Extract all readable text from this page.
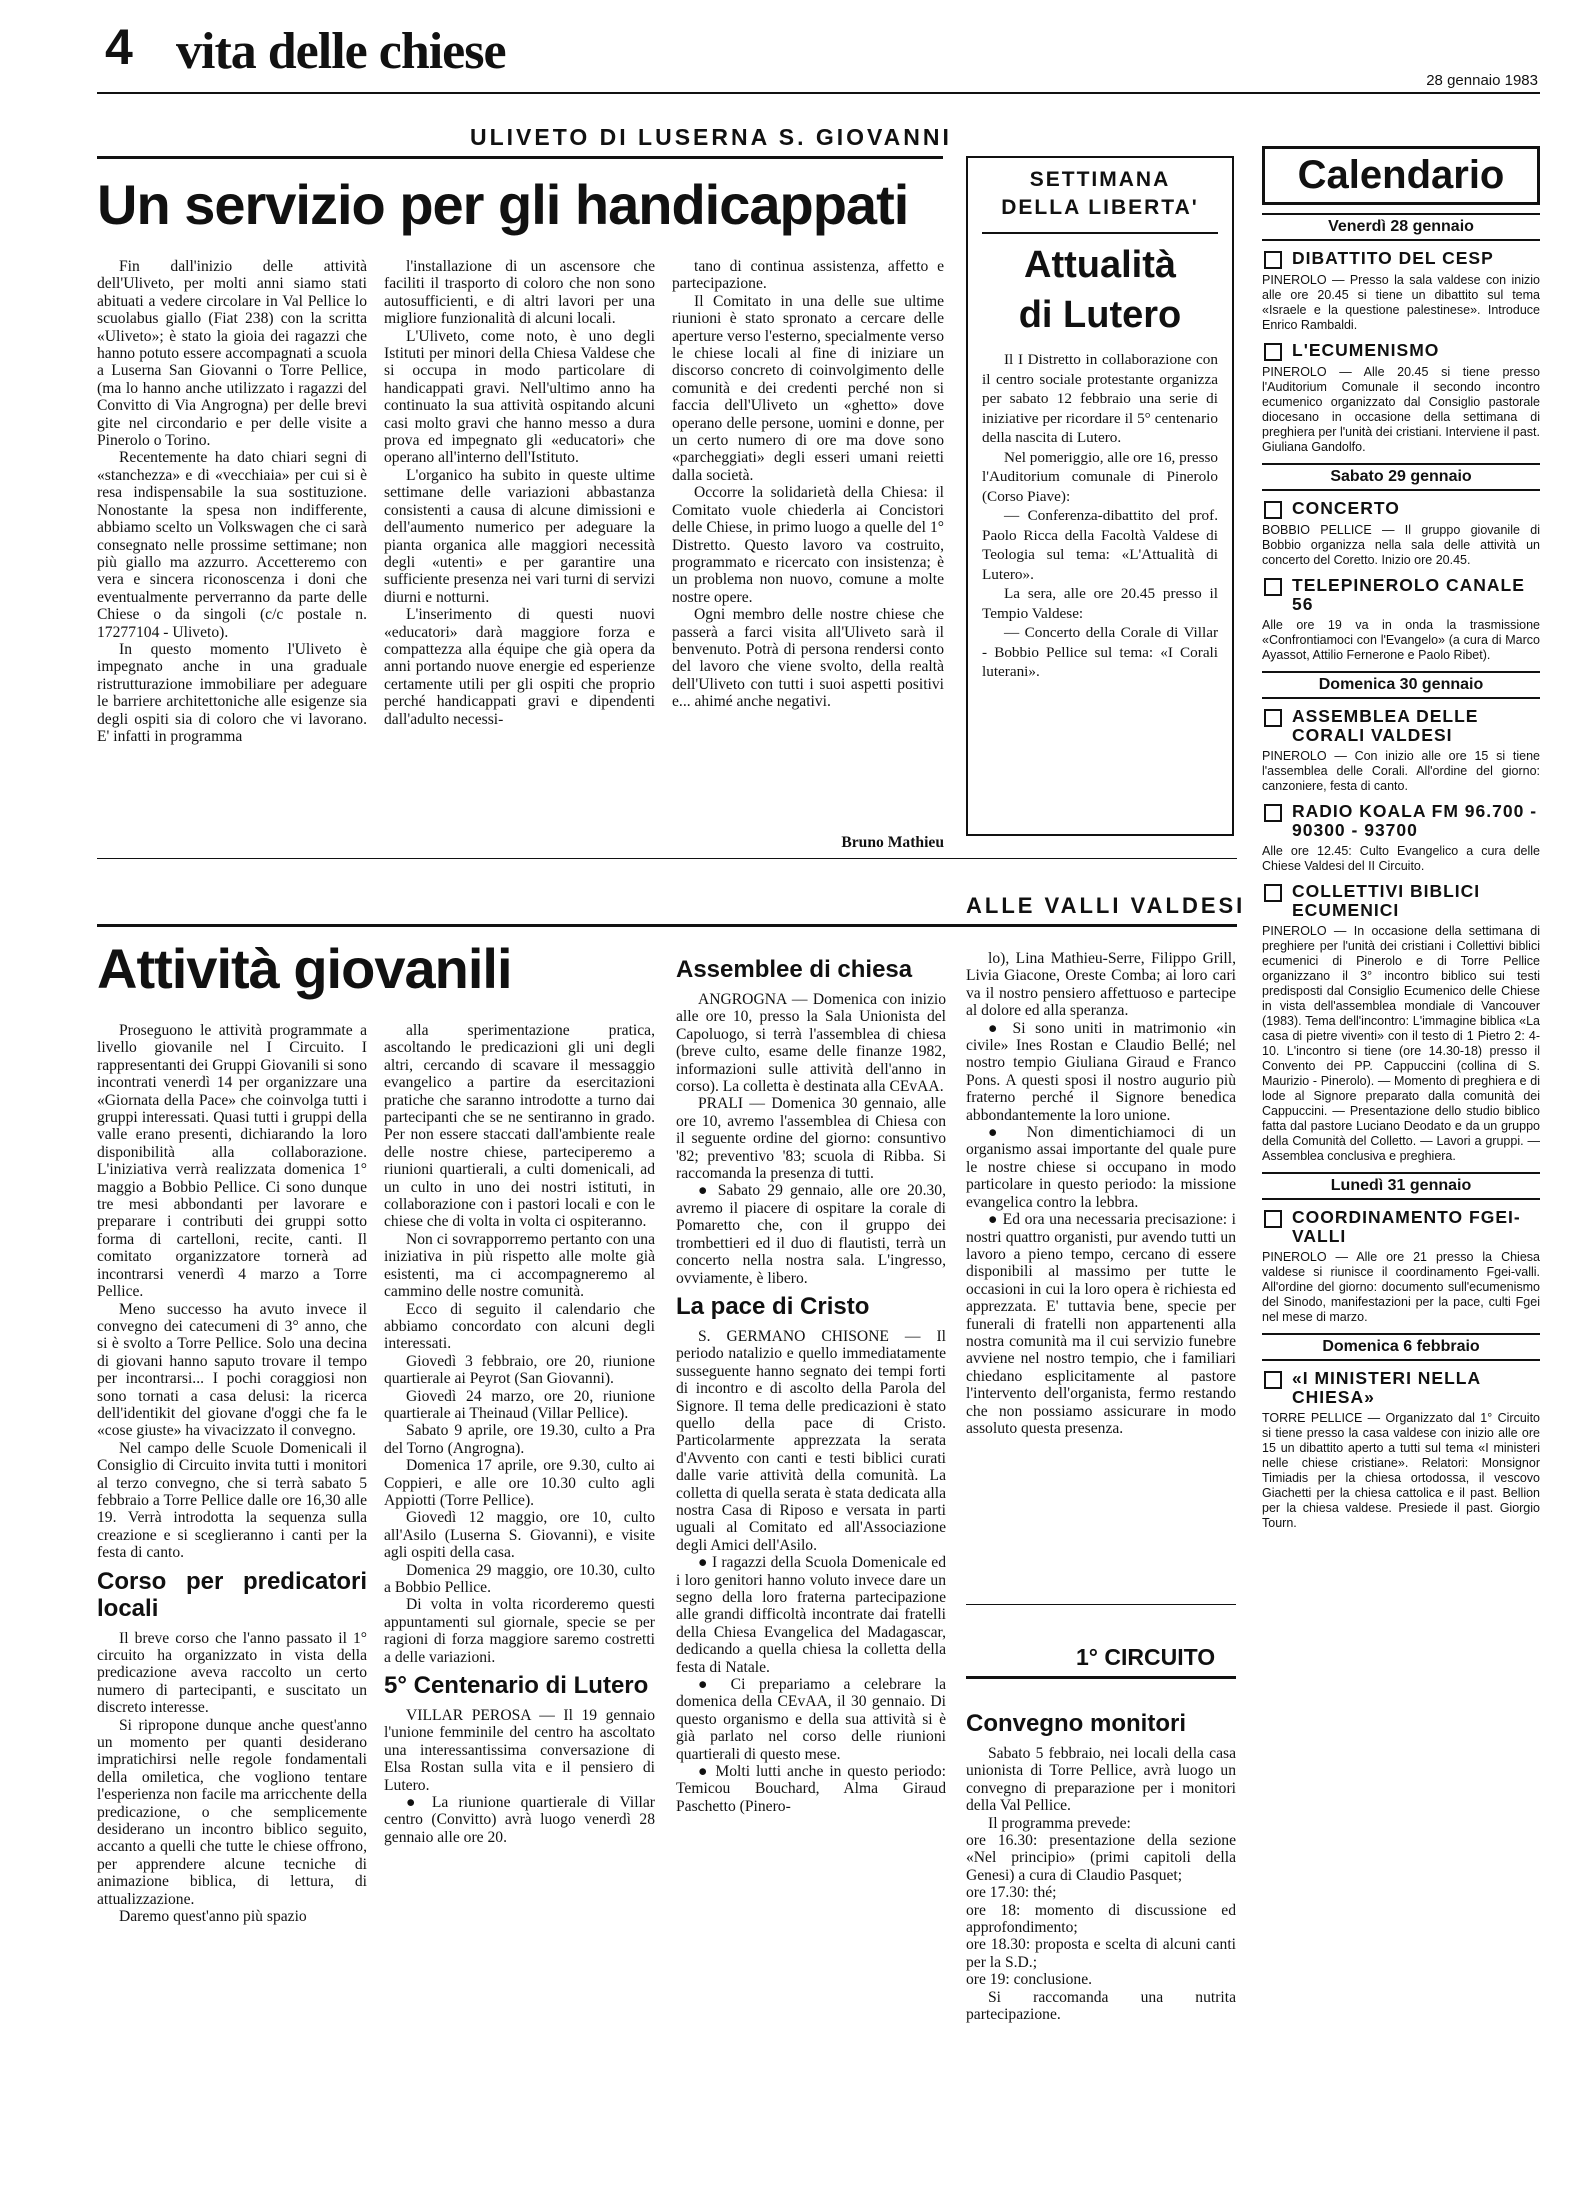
4 vita delle chiese
28 gennaio 1983
ULIVETO DI LUSERNA S. GIOVANNI
Un servizio per gli handicappati

Fin dall'inizio delle attività dell'Uliveto, per molti anni siamo stati abituati a vedere circolare in Val Pellice lo scuolabus giallo (Fiat 238) con la scritta «Uliveto»; è stato la gioia dei ragazzi che hanno potuto essere accompagnati a scuola a Luserna San Giovanni o Torre Pellice, (ma lo hanno anche utilizzato i ragazzi del Convitto di Via Angrogna) per delle brevi gite nel circondario e per delle visite a Pinerolo o Torino.

Recentemente ha dato chiari segni di «stanchezza» e di «vecchiaia» per cui si è resa indispensabile la sua sostituzione. Nonostante la spesa non indifferente, abbiamo scelto un Volkswagen che ci sarà consegnato nelle prossime settimane; non più giallo ma azzurro. Accetteremo con vera e sincera riconoscenza i doni che eventualmente perverranno da parte delle Chiese o da singoli (c/c postale n. 17277104 - Uliveto).

In questo momento l'Uliveto è impegnato anche in una graduale ristrutturazione immobiliare per adeguare le barriere architettoniche alle esigenze sia degli ospiti sia di coloro che vi lavorano. E' infatti in programma

l'installazione di un ascensore che faciliti il trasporto di coloro che non sono autosufficienti, e di altri lavori per una migliore funzionalità di alcuni locali.

L'Uliveto, come noto, è uno degli Istituti per minori della Chiesa Valdese che si occupa in modo particolare di handicappati gravi. Nell'ultimo anno ha continuato la sua attività ospitando alcuni casi molto gravi che hanno messo a dura prova ed impegnato gli «educatori» che operano all'interno dell'Istituto.

L'organico ha subito in queste ultime settimane delle variazioni abbastanza consistenti a causa di alcune dimissioni e dell'aumento numerico per adeguare la pianta organica alle maggiori necessità degli «utenti» e per garantire una sufficiente presenza nei vari turni di servizi diurni e notturni.

L'inserimento di questi nuovi «educatori» darà maggiore forza e compattezza alla équipe che già opera da anni portando nuove energie ed esperienze certamente utili per gli ospiti che proprio perché handicappati gravi e dipendenti dall'adulto necessi-

tano di continua assistenza, affetto e partecipazione.

Il Comitato in una delle sue ultime riunioni è stato spronato a cercare delle aperture verso l'esterno, specialmente verso le chiese locali al fine di iniziare un discorso concreto di coinvolgimento delle comunità e dei credenti perché non si faccia dell'Uliveto un «ghetto» dove operano delle persone, uomini e donne, per un certo numero di ore ma dove sono «parcheggiati» degli esseri umani reietti dalla società.

Occorre la solidarietà della Chiesa: il Comitato vuole chiederla ai Concistori delle Chiese, in primo luogo a quelle del 1° Distretto. Questo lavoro va costruito, programmato e ricercato con insistenza; è un problema non nuovo, comune a molte nostre opere.

Ogni membro delle nostre chiese che passerà a farci visita all'Uliveto sarà il benvenuto. Potrà di persona rendersi conto del lavoro che viene svolto, della realtà dell'Uliveto con tutti i suoi aspetti positivi e... ahimé anche negativi.

Bruno Mathieu
SETTIMANA DELLA LIBERTA'
Attualità
di Lutero

Il I Distretto in collaborazione con il centro sociale protestante organizza per sabato 12 febbraio una serie di iniziative per ricordare il 5° centenario della nascita di Lutero.

Nel pomeriggio, alle ore 16, presso l'Auditorium comunale di Pinerolo (Corso Piave):

— Conferenza-dibattito del prof. Paolo Ricca della Facoltà Valdese di Teologia sul tema: «L'Attualità di Lutero».

La sera, alle ore 20.45 presso il Tempio Valdese:

— Concerto della Corale di Villar - Bobbio Pellice sul tema: «I Corali luterani».

Calendario
Venerdì 28 gennaio
DIBATTITO DEL CESP
PINEROLO — Presso la sala valdese con inizio alle ore 20.45 si tiene un dibattito sul tema «Israele e la questione palestinese». Introduce Enrico Rambaldi.
L'ECUMENISMO
PINEROLO — Alle 20.45 si tiene presso l'Auditorium Comunale il secondo incontro ecumenico organizzato dal Consiglio pastorale diocesano in occasione della settimana di preghiera per l'unità dei cristiani. Interviene il past. Giuliana Gandolfo.
Sabato 29 gennaio
CONCERTO
BOBBIO PELLICE — Il gruppo giovanile di Bobbio organizza nella sala delle attività un concerto del Coretto. Inizio ore 20.45.
TELEPINEROLO CANALE 56
Alle ore 19 va in onda la trasmissione «Confrontiamoci con l'Evangelo» (a cura di Marco Ayassot, Attilio Fernerone e Paolo Ribet).
Domenica 30 gennaio
ASSEMBLEA DELLE CORALI VALDESI
PINEROLO — Con inizio alle ore 15 si tiene l'assemblea delle Corali. All'ordine del giorno: canzoniere, festa di canto.
RADIO KOALA FM 96.700 - 90300 - 93700
Alle ore 12.45: Culto Evangelico a cura delle Chiese Valdesi del II Circuito.
COLLETTIVI BIBLICI ECUMENICI
PINEROLO — In occasione della settimana di preghiere per l'unità dei cristiani i Collettivi biblici ecumenici di Pinerolo e di Torre Pellice organizzano il 3° incontro biblico sui testi predisposti dal Consiglio Ecumenico delle Chiese in vista dell'assemblea mondiale di Vancouver (1983). Tema dell'incontro: L'immagine biblica «La casa di pietre viventi» con il testo di 1 Pietro 2: 4-10. L'incontro si tiene (ore 14.30-18) presso il Convento dei PP. Cappuccini (collina di S. Maurizio - Pinerolo). — Momento di preghiera e di lode al Signore preparato dalla comunità dei Cappuccini. — Presentazione dello studio biblico fatta dal pastore Luciano Deodato e da un gruppo della Comunità del Colletto. — Lavori a gruppi. — Assemblea conclusiva e preghiera.
Lunedì 31 gennaio
COORDINAMENTO FGEI-VALLI
PINEROLO — Alle ore 21 presso la Chiesa valdese si riunisce il coordinamento Fgei-valli. All'ordine del giorno: documento sull'ecumenismo del Sinodo, manifestazioni per la pace, culti Fgei nel mese di marzo.
Domenica 6 febbraio
«I MINISTERI NELLA CHIESA»
TORRE PELLICE — Organizzato dal 1° Circuito si tiene presso la casa valdese con inizio alle ore 15 un dibattito aperto a tutti sul tema «I ministeri nelle chiese cristiane». Relatori: Monsignor Timiadis per la chiesa ortodossa, il vescovo Giachetti per la chiesa cattolica e il past. Bellion per la chiesa valdese. Presiede il past. Giorgio Tourn.
ALLE VALLI VALDESI
Attività giovanili

Proseguono le attività programmate a livello giovanile nel I Circuito. I rappresentanti dei Gruppi Giovanili si sono incontrati venerdì 14 per organizzare una «Giornata della Pace» che coinvolga tutti i gruppi interessati. Quasi tutti i gruppi della valle erano presenti, dichiarando la loro disponibilità alla collaborazione. L'iniziativa verrà realizzata domenica 1° maggio a Bobbio Pellice. Ci sono dunque tre mesi abbondanti per lavorare e preparare i contributi dei gruppi sotto forma di cartelloni, recite, canti. Il comitato organizzatore tornerà ad incontrarsi venerdì 4 marzo a Torre Pellice.

Meno successo ha avuto invece il convegno dei catecumeni di 3° anno, che si è svolto a Torre Pellice. Solo una decina di giovani hanno saputo trovare il tempo per incontrarsi... I pochi coraggiosi non sono tornati a casa delusi: la ricerca dell'identikit del giovane d'oggi che fa le «cose giuste» ha vivacizzato il convegno.

Nel campo delle Scuole Domenicali il Consiglio di Circuito invita tutti i monitori al terzo convegno, che si terrà sabato 5 febbraio a Torre Pellice dalle ore 16,30 alle 19. Verrà introdotta la sequenza sulla creazione e si sceglieranno i canti per la festa di canto.

Corso per predicatori locali

Il breve corso che l'anno passato il 1° circuito ha organizzato in vista della predicazione aveva raccolto un certo numero di partecipanti, e suscitato un discreto interesse.

Si ripropone dunque anche quest'anno un momento per quanti desiderano impratichirsi nelle regole fondamentali della omiletica, che vogliono tentare l'esperienza non facile ma arricchente della predicazione, o che semplicemente desiderano un incontro biblico seguito, accanto a quelli che tutte le chiese offrono, per apprendere alcune tecniche di animazione biblica, di lettura, di attualizzazione.

Daremo quest'anno più spazio

alla sperimentazione pratica, ascoltando le predicazioni gli uni degli altri, cercando di scavare il messaggio evangelico a partire da esercitazioni pratiche che saranno introdotte a turno dai partecipanti che se ne sentiranno in grado. Per non essere staccati dall'ambiente reale delle nostre chiese, parteciperemo a riunioni quartierali, a culti domenicali, ad un culto in uno dei nostri istituti, in collaborazione con i pastori locali e con le chiese che di volta in volta ci ospiteranno.

Non ci sovrapporremo pertanto con una iniziativa in più rispetto alle molte già esistenti, ma ci accompagneremo al cammino delle nostre comunità.

Ecco di seguito il calendario che abbiamo concordato con alcuni degli interessati.

Giovedì 3 febbraio, ore 20, riunione quartierale ai Peyrot (San Giovanni).

Giovedì 24 marzo, ore 20, riunione quartierale ai Theinaud (Villar Pellice).

Sabato 9 aprile, ore 19.30, culto a Pra del Torno (Angrogna).

Domenica 17 aprile, ore 9.30, culto ai Coppieri, e alle ore 10.30 culto agli Appiotti (Torre Pellice).

Giovedì 12 maggio, ore 10, culto all'Asilo (Luserna S. Giovanni), e visite agli ospiti della casa.

Domenica 29 maggio, ore 10.30, culto a Bobbio Pellice.

Di volta in volta ricorderemo questi appuntamenti sul giornale, specie se per ragioni di forza maggiore saremo costretti a delle variazioni.

5° Centenario di Lutero

VILLAR PEROSA — Il 19 gennaio l'unione femminile del centro ha ascoltato una interessantissima conversazione di Elsa Rostan sulla vita e il pensiero di Lutero.

● La riunione quartierale di Villar centro (Convitto) avrà luogo venerdì 28 gennaio alle ore 20.

Assemblee di chiesa

ANGROGNA — Domenica con inizio alle ore 10, presso la Sala Unionista del Capoluogo, si terrà l'assemblea di chiesa (breve culto, esame delle finanze 1982, informazioni sulle attività dell'anno in corso). La colletta è destinata alla CEvAA.

PRALI — Domenica 30 gennaio, alle ore 10, avremo l'assemblea di Chiesa con il seguente ordine del giorno: consuntivo '82; preventivo '83; scuola di Ribba. Si raccomanda la presenza di tutti.

● Sabato 29 gennaio, alle ore 20.30, avremo il piacere di ospitare la corale di Pomaretto che, con il gruppo dei trombettieri ed il duo di flautisti, terrà un concerto nella nostra sala. L'ingresso, ovviamente, è libero.

La pace di Cristo

S. GERMANO CHISONE — Il periodo natalizio e quello immediatamente susseguente hanno segnato dei tempi forti di incontro e di ascolto della Parola del Signore. Il tema delle predicazioni è stato quello della pace di Cristo. Particolarmente apprezzata la serata d'Avvento con canti e testi biblici curati dalle varie attività della comunità. La colletta di quella serata è stata dedicata alla nostra Casa di Riposo e versata in parti uguali al Comitato ed all'Associazione degli Amici dell'Asilo.

● I ragazzi della Scuola Domenicale ed i loro genitori hanno voluto invece dare un segno della loro fraterna partecipazione alle grandi difficoltà incontrate dai fratelli della Chiesa Evangelica del Madagascar, dedicando a quella chiesa la colletta della festa di Natale.

● Ci prepariamo a celebrare la domenica della CEvAA, il 30 gennaio. Di questo organismo e della sua attività si è già parlato nel corso delle riunioni quartierali di questo mese.

● Molti lutti anche in questo periodo: Temicou Bouchard, Alma Giraud Paschetto (Pinero-

lo), Lina Mathieu-Serre, Filippo Grill, Livia Giacone, Oreste Comba; ai loro cari va il nostro pensiero affettuoso e partecipe al dolore ed alla speranza.

● Si sono uniti in matrimonio «in civile» Ines Rostan e Claudio Bellé; nel nostro tempio Giuliana Giraud e Franco Pons. A questi sposi il nostro augurio più fraterno perché il Signore benedica abbondantemente la loro unione.

● Non dimentichiamoci di un organismo assai importante del quale pure le nostre chiese si occupano in modo particolare in questo periodo: la missione evangelica contro la lebbra.

● Ed ora una necessaria precisazione: i nostri quattro organisti, pur avendo tutti un lavoro a pieno tempo, cercano di essere disponibili al massimo per tutte le occasioni in cui la loro opera è richiesta ed apprezzata. E' tuttavia bene, specie per funerali di fratelli non appartenenti alla nostra comunità ma il cui servizio funebre avviene nel nostro tempio, che i familiari chiedano esplicitamente al pastore l'intervento dell'organista, fermo restando che non possiamo assicurare in modo assoluto questa presenza.

1° CIRCUITO
Convegno monitori

Sabato 5 febbraio, nei locali della casa unionista di Torre Pellice, avrà luogo un convegno di preparazione per i monitori della Val Pellice.

Il programma prevede:

ore 16.30: presentazione della sezione «Nel principio» (primi capitoli della Genesi) a cura di Claudio Pasquet;

ore 17.30: thé;

ore 18: momento di discussione ed approfondimento;

ore 18.30: proposta e scelta di alcuni canti per la S.D.;

ore 19: conclusione.

Si raccomanda una nutrita partecipazione.
